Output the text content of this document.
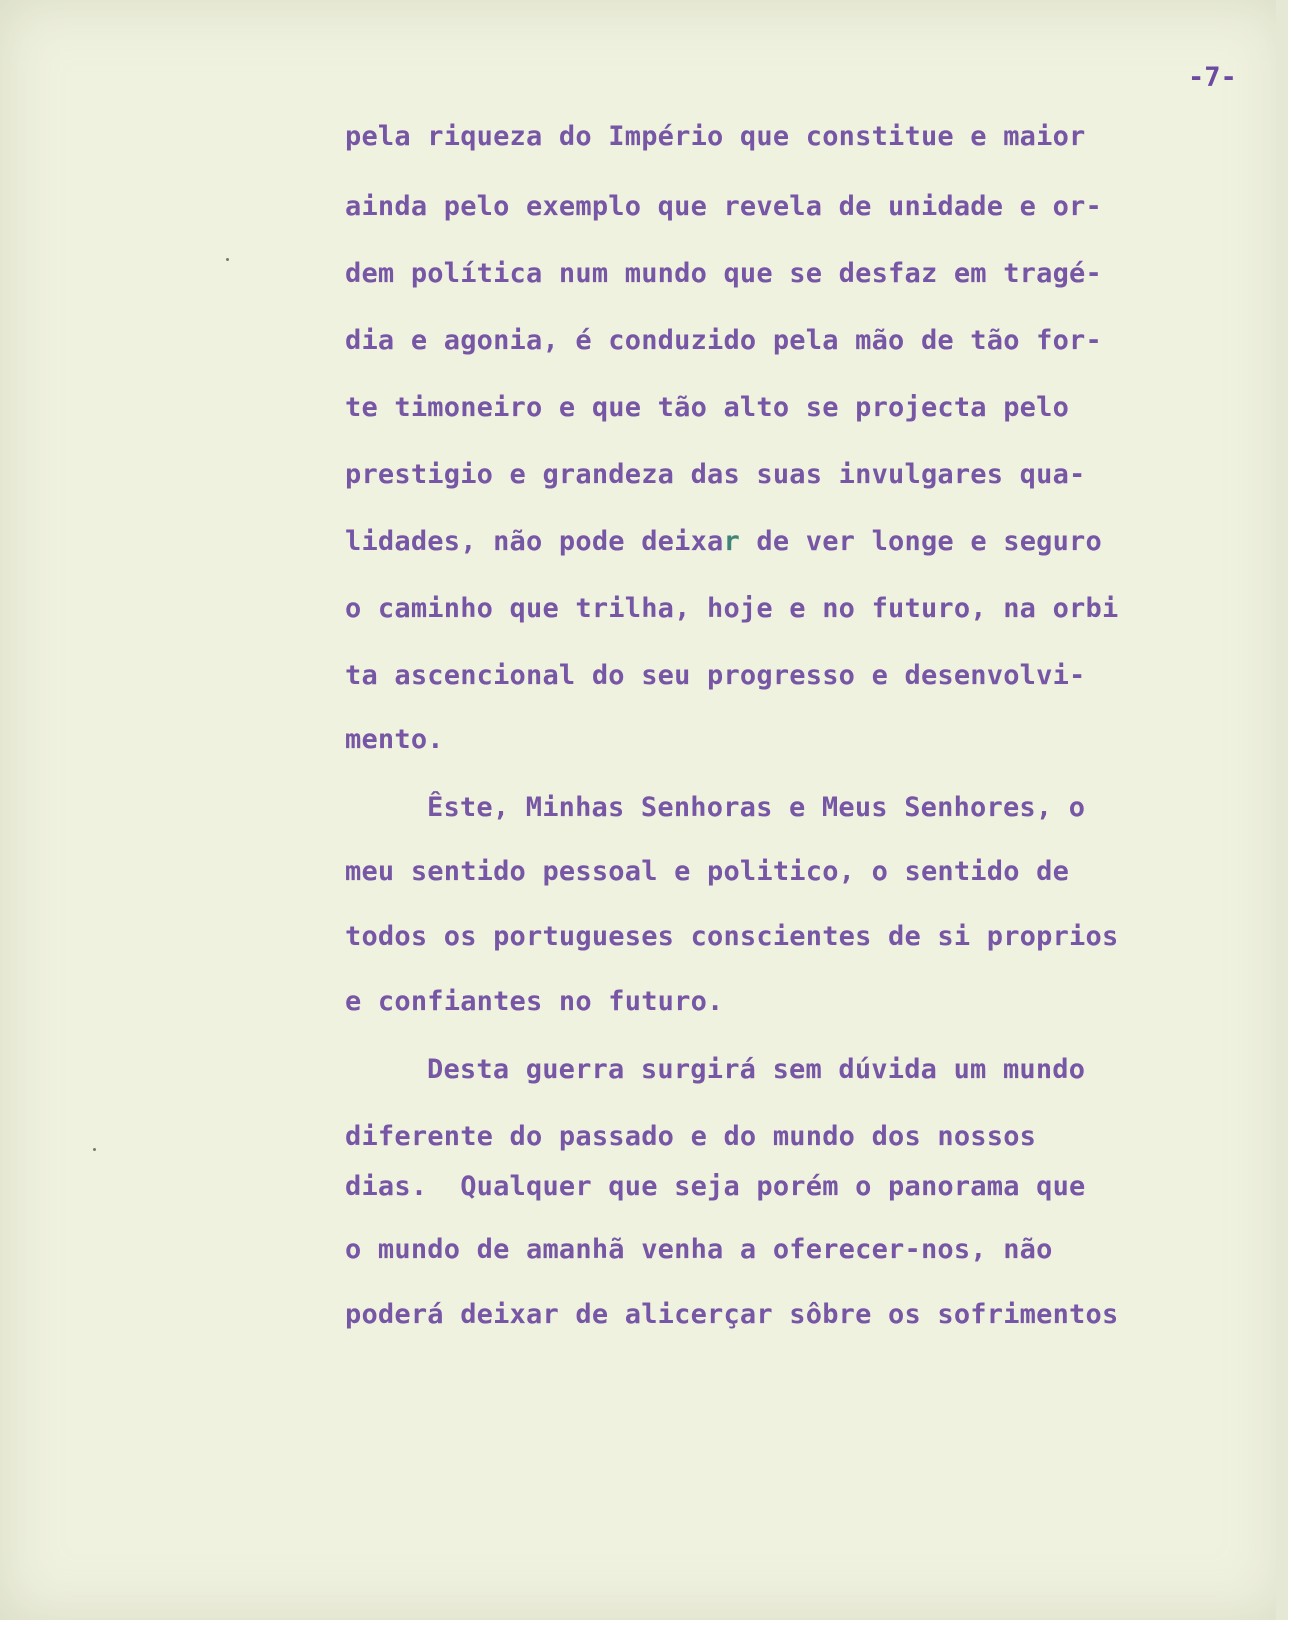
-7-
pela riqueza do Império que constitue e maior
ainda pelo exemplo que revela de unidade e or-
dem política num mundo que se desfaz em tragé-
dia e agonia, é conduzido pela mão de tão for-
te timoneiro e que tão alto se projecta pelo
prestigio e grandeza das suas invulgares qua-
lidades, não pode deixar de ver longe e seguro
o caminho que trilha, hoje e no futuro, na orbi
ta ascencional do seu progresso e desenvolvi-
mento.
Êste, Minhas Senhoras e Meus Senhores, o
meu sentido pessoal e politico, o sentido de
todos os portugueses conscientes de si proprios
e confiantes no futuro.
Desta guerra surgirá sem dúvida um mundo
diferente do passado e do mundo dos nossos
dias.  Qualquer que seja porém o panorama que
o mundo de amanhã venha a oferecer-nos, não
poderá deixar de alicerçar sôbre os sofrimentos
